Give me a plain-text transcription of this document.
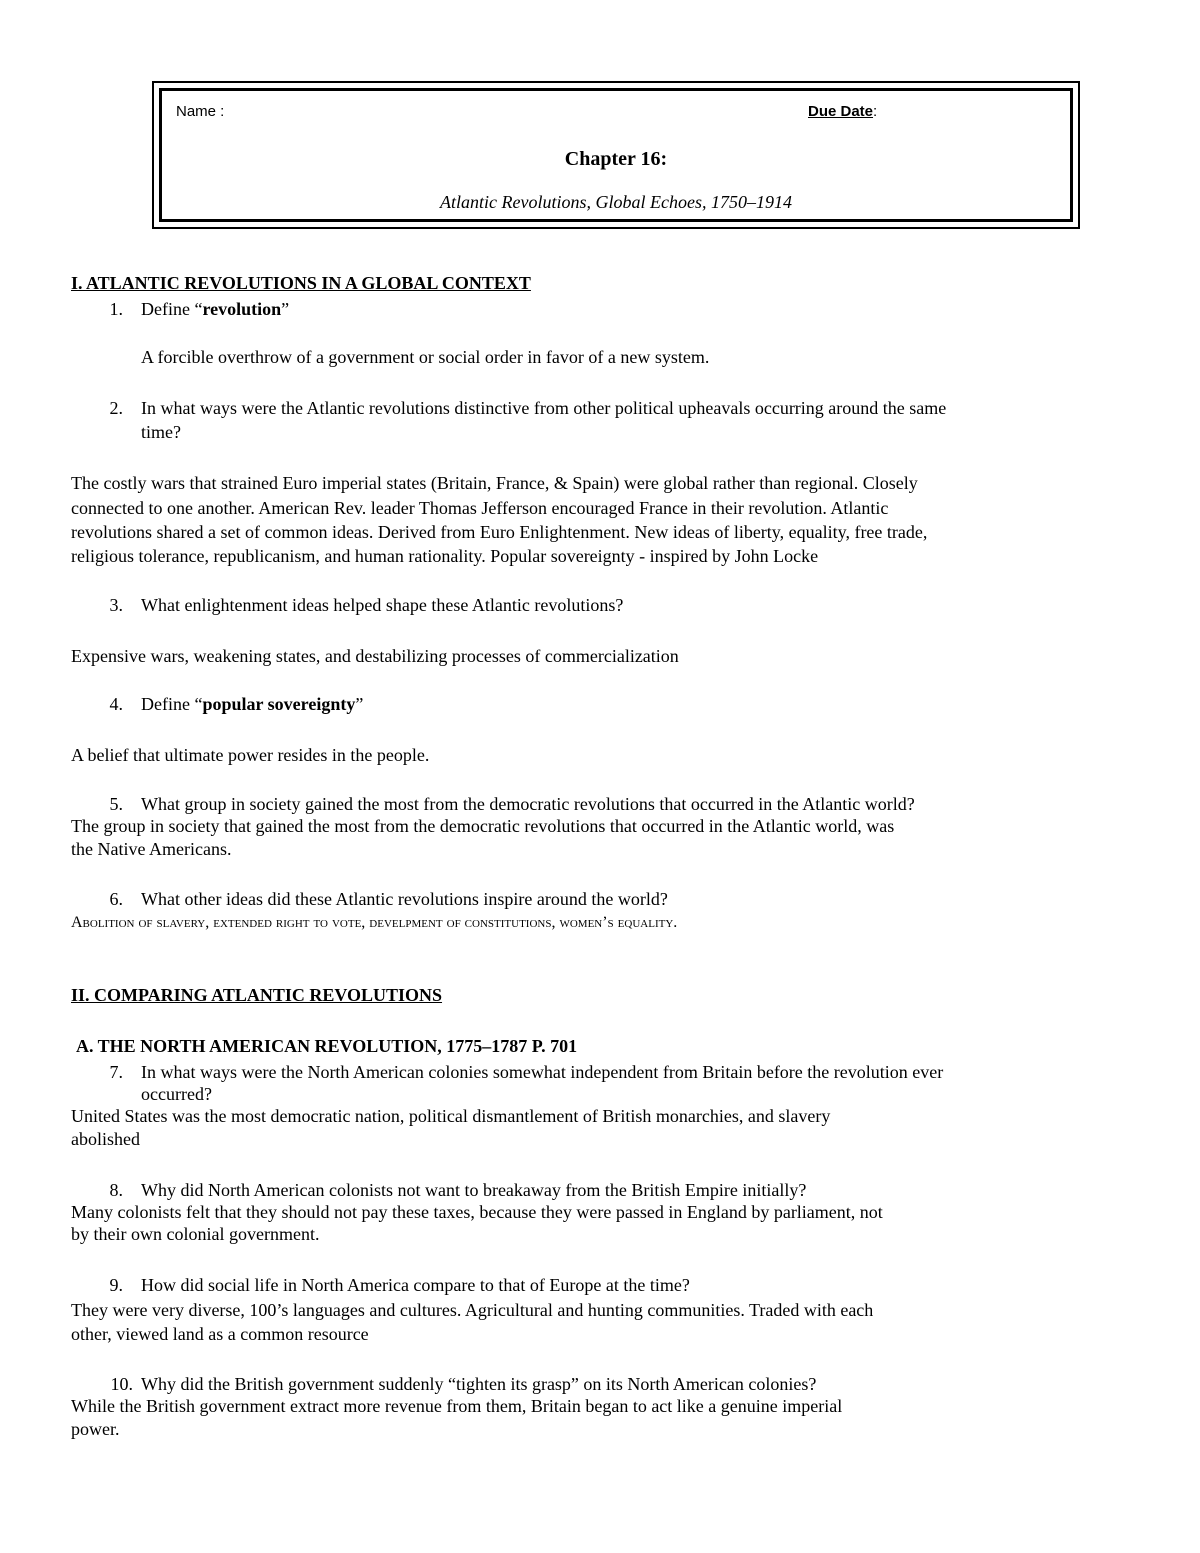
Name :	Due Date:
Chapter 16:
Atlantic Revolutions, Global Echoes, 1750–1914
I. ATLANTIC REVOLUTIONS IN A GLOBAL CONTEXT
1. Define “revolution”
A forcible overthrow of a government or social order in favor of a new system.
2. In what ways were the Atlantic revolutions distinctive from other political upheavals occurring around the same
time?
The costly wars that strained Euro imperial states (Britain, France, & Spain) were global rather than regional. Closely
connected to one another. American Rev. leader Thomas Jefferson encouraged France in their revolution. Atlantic
revolutions shared a set of common ideas. Derived from Euro Enlightenment. New ideas of liberty, equality, free trade,
religious tolerance, republicanism, and human rationality. Popular sovereignty - inspired by John Locke
3. What enlightenment ideas helped shape these Atlantic revolutions?
Expensive wars, weakening states, and destabilizing processes of commercialization
4. Define “popular sovereignty”
A belief that ultimate power resides in the people.
5. What group in society gained the most from the democratic revolutions that occurred in the Atlantic world?
The group in society that gained the most from the democratic revolutions that occurred in the Atlantic world, was
the Native Americans.
6. What other ideas did these Atlantic revolutions inspire around the world?
Abolition of slavery, extended right to vote, develpment of constitutions, women’s equality.
II. COMPARING ATLANTIC REVOLUTIONS
A. THE NORTH AMERICAN REVOLUTION, 1775–1787 P. 701
7. In what ways were the North American colonies somewhat independent from Britain before the revolution ever
occurred?
United States was the most democratic nation, political dismantlement of British monarchies, and slavery
abolished
8. Why did North American colonists not want to breakaway from the British Empire initially?
Many colonists felt that they should not pay these taxes, because they were passed in England by parliament, not
by their own colonial government.
9. How did social life in North America compare to that of Europe at the time?
They were very diverse, 100’s languages and cultures. Agricultural and hunting communities. Traded with each
other, viewed land as a common resource
10. Why did the British government suddenly “tighten its grasp” on its North American colonies?
While the British government extract more revenue from them, Britain began to act like a genuine imperial
power.
